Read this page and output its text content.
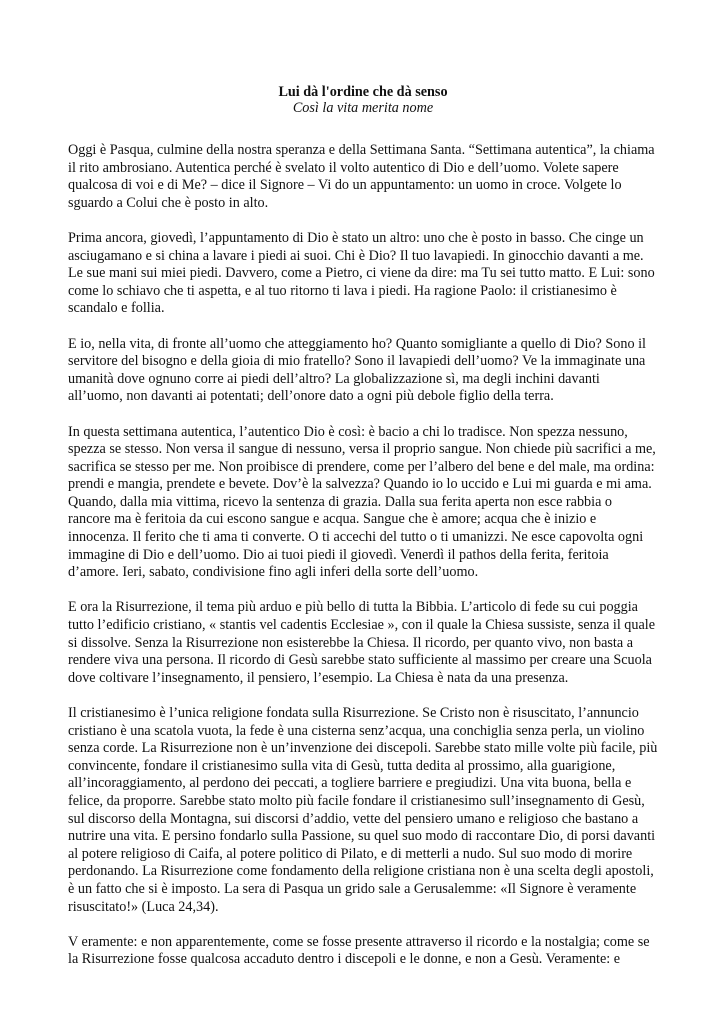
Lui dà l'ordine che dà senso

Così la vita merita nome

Oggi è Pasqua, culmine della nostra speranza e della Settimana Santa. “Settimana autentica”, la chiama il rito ambrosiano. Autentica perché è svelato il volto autentico di Dio e dell’uomo. Volete sapere qualcosa di voi e di Me? – dice il Signore – Vi do un appuntamento: un uomo in croce. Volgete lo sguardo a Colui che è posto in alto.

Prima ancora, giovedì, l’appuntamento di Dio è stato un altro: uno che è posto in basso. Che cinge un asciugamano e si china a lavare i piedi ai suoi. Chi è Dio? Il tuo lavapiedi. In ginocchio davanti a me. Le sue mani sui miei piedi. Davvero, come a Pietro, ci viene da dire: ma Tu sei tutto matto. E Lui: sono come lo schiavo che ti aspetta, e al tuo ritorno ti lava i piedi. Ha ragione Paolo: il cristianesimo è scandalo e follia.

E io, nella vita, di fronte all’uomo che atteggiamento ho? Quanto somigliante a quello di Dio? Sono il servitore del bisogno e della gioia di mio fratello? Sono il lavapiedi dell’uomo? Ve la immaginate una umanità dove ognuno corre ai piedi dell’altro? La globalizzazione sì, ma degli inchini davanti all’uomo, non davanti ai potentati; dell’onore dato a ogni più debole figlio della terra.

In questa settimana autentica, l’autentico Dio è così: è bacio a chi lo tradisce. Non spezza nessuno, spezza se stesso. Non versa il sangue di nessuno, versa il proprio sangue. Non chiede più sacrifici a me, sacrifica se stesso per me. Non proibisce di prendere, come per l’albero del bene e del male, ma ordina: prendi e mangia, prendete e bevete. Dov’è la salvezza? Quando io lo uccido e Lui mi guarda e mi ama. Quando, dalla mia vittima, ricevo la sentenza di grazia. Dalla sua ferita aperta non esce rabbia o rancore ma è feritoia da cui escono sangue e acqua. Sangue che è amore; acqua che è inizio e innocenza. Il ferito che ti ama ti converte. O ti accechi del tutto o ti umanizzi. Ne esce capovolta ogni immagine di Dio e dell’uomo. Dio ai tuoi piedi il giovedì. Venerdì il pathos della ferita, feritoia d’amore. Ieri, sabato, condivisione fino agli inferi della sorte dell’uomo.

E ora la Risurrezione, il tema più arduo e più bello di tutta la Bibbia. L’articolo di fede su cui poggia tutto l’edificio cristiano, « stantis vel cadentis Ecclesiae », con il quale la Chiesa sussiste, senza il quale si dissolve. Senza la Risurrezione non esisterebbe la Chiesa. Il ricordo, per quanto vivo, non basta a rendere viva una persona. Il ricordo di Gesù sarebbe stato sufficiente al massimo per creare una Scuola dove coltivare l’insegnamento, il pensiero, l’esempio. La Chiesa è nata da una presenza.

Il cristianesimo è l’unica religione fondata sulla Risurrezione. Se Cristo non è risuscitato, l’annuncio cristiano è una scatola vuota, la fede è una cisterna senz’acqua, una conchiglia senza perla, un violino senza corde. La Risurrezione non è un’invenzione dei discepoli. Sarebbe stato mille volte più facile, più convincente, fondare il cristianesimo sulla vita di Gesù, tutta dedita al prossimo, alla guarigione, all’incoraggiamento, al perdono dei peccati, a togliere barriere e pregiudizi. Una vita buona, bella e felice, da proporre. Sarebbe stato molto più facile fondare il cristianesimo sull’insegnamento di Gesù, sul discorso della Montagna, sui discorsi d’addio, vette del pensiero umano e religioso che bastano a nutrire una vita. E persino fondarlo sulla Passione, su quel suo modo di raccontare Dio, di porsi davanti al potere religioso di Caifa, al potere politico di Pilato, e di metterli a nudo. Sul suo modo di morire perdonando. La Risurrezione come fondamento della religione cristiana non è una scelta degli apostoli, è un fatto che si è imposto. La sera di Pasqua un grido sale a Gerusalemme: «Il Signore è veramente risuscitato!» (Luca 24,34).

V eramente: e non apparentemente, come se fosse presente attraverso il ricordo e la nostalgia; come se la Risurrezione fosse qualcosa accaduto dentro i discepoli e le donne, e non a Gesù. Veramente: e
